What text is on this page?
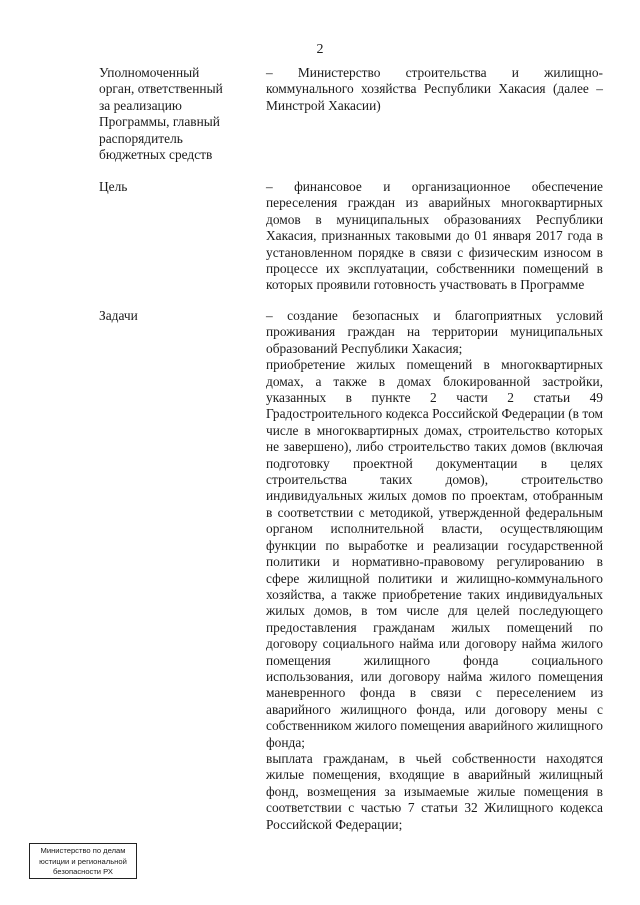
2
Уполномоченный
орган, ответственный
за реализацию
Программы, главный
распорядитель
бюджетных средств
– Министерство строительства и жилищно-коммунального хозяйства Республики Хакасия (далее – Минстрой Хакасии)
Цель	– финансовое и организационное обеспечение переселения граждан из аварийных многоквартирных домов в муниципальных образованиях Республики Хакасия, признанных таковыми до 01 января 2017 года в установленном порядке в связи с физическим износом в процессе их эксплуатации, собственники помещений в которых проявили готовность участвовать в Программе
Задачи	– создание безопасных и благоприятных условий проживания граждан на территории муниципальных образований Республики Хакасия;
приобретение жилых помещений в многоквартирных домах, а также в домах блокированной застройки, указанных в пункте 2 части 2 статьи 49 Градостроительного кодекса Российской Федерации (в том числе в многоквартирных домах, строительство которых не завершено), либо строительство таких домов (включая подготовку проектной документации в целях строительства таких домов), строительство индивидуальных жилых домов по проектам, отобранным в соответствии с методикой, утвержденной федеральным органом исполнительной власти, осуществляющим функции по выработке и реализации государственной политики и нормативно-правовому регулированию в сфере жилищной политики и жилищно-коммунального хозяйства, а также приобретение таких индивидуальных жилых домов, в том числе для целей последующего предоставления гражданам жилых помещений по договору социального найма или договору найма жилого помещения жилищного фонда социального использования, или договору найма жилого помещения маневренного фонда в связи с переселением из аварийного жилищного фонда, или договору мены с собственником жилого помещения аварийного жилищного фонда;
выплата гражданам, в чьей собственности находятся жилые помещения, входящие в аварийный жилищный фонд, возмещения за изымаемые жилые помещения в соответствии с частью 7 статьи 32 Жилищного кодекса Российской Федерации;
Министерство по делам
юстиции и региональной
безопасности РХ
